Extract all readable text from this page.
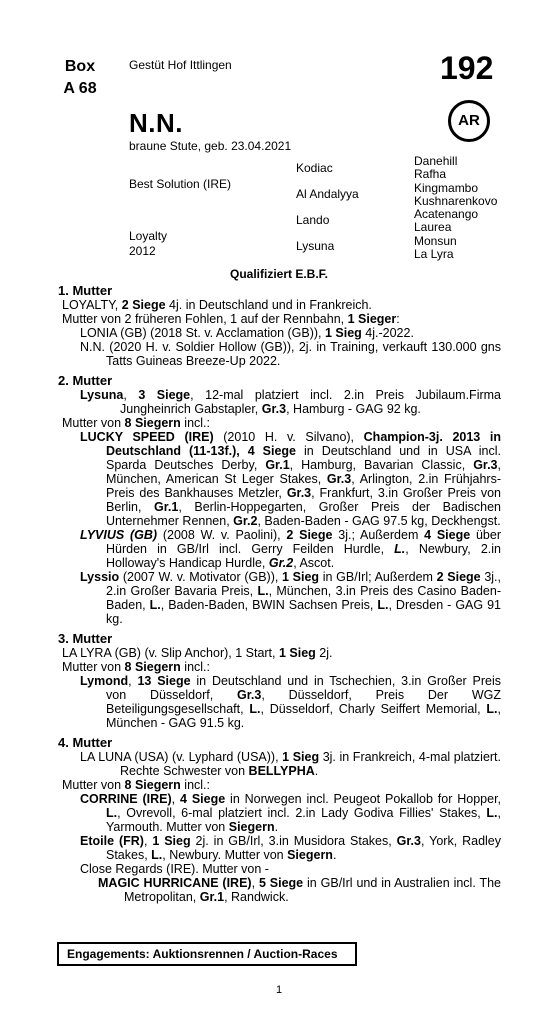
Box
A 68
Gestüt Hof Ittlingen	192
AR
N.N.
braune Stute, geb. 23.04.2021
Best Solution (IRE)
Loyalty
2012
Kodiac
Al Andalyya
Lando
Lysuna
Danehill
Rafha
Kingmambo
Kushnarenkovo
Acatenango
Laurea
Monsun
La Lyra
Qualifiziert E.B.F.
1. Mutter
LOYALTY, 2 Siege 4j. in Deutschland und in Frankreich.
Mutter von 2 früheren Fohlen, 1 auf der Rennbahn, 1 Sieger:
LONIA (GB) (2018 St. v. Acclamation (GB)), 1 Sieg 4j.-2022.
N.N. (2020 H. v. Soldier Hollow (GB)), 2j. in Training, verkauft 130.000 gns Tatts Guineas Breeze-Up 2022.
2. Mutter
Lysuna, 3 Siege, 12-mal platziert incl. 2.in Preis Jubilaum.Firma Jungheinrich Gabstapler, Gr.3, Hamburg - GAG 92 kg.
Mutter von 8 Siegern incl.:
LUCKY SPEED (IRE) (2010 H. v. Silvano), Champion-3j. 2013 in Deutschland (11-13f.), 4 Siege in Deutschland und in USA incl. Sparda Deutsches Derby, Gr.1, Hamburg, Bavarian Classic, Gr.3, München, American St Leger Stakes, Gr.3, Arlington, 2.in Frühjahrs-Preis des Bankhauses Metzler, Gr.3, Frankfurt, 3.in Großer Preis von Berlin, Gr.1, Berlin-Hoppegarten, Großer Preis der Badischen Unternehmer Rennen, Gr.2, Baden-Baden - GAG 97.5 kg, Deckhengst.
LYVIUS (GB) (2008 W. v. Paolini), 2 Siege 3j.; Außerdem 4 Siege über Hürden in GB/Irl incl. Gerry Feilden Hurdle, L., Newbury, 2.in Holloway's Handicap Hurdle, Gr.2, Ascot.
Lyssio (2007 W. v. Motivator (GB)), 1 Sieg in GB/Irl; Außerdem 2 Siege 3j., 2.in Großer Bavaria Preis, L., München, 3.in Preis des Casino Baden-Baden, L., Baden-Baden, BWIN Sachsen Preis, L., Dresden - GAG 91 kg.
3. Mutter
LA LYRA (GB) (v. Slip Anchor), 1 Start, 1 Sieg 2j.
Mutter von 8 Siegern incl.:
Lymond, 13 Siege in Deutschland und in Tschechien, 3.in Großer Preis von Düsseldorf, Gr.3, Düsseldorf, Preis Der WGZ Beteiligungsgesellschaft, L., Düsseldorf, Charly Seiffert Memorial, L., München - GAG 91.5 kg.
4. Mutter
LA LUNA (USA) (v. Lyphard (USA)), 1 Sieg 3j. in Frankreich, 4-mal platziert. Rechte Schwester von BELLYPHA.
Mutter von 8 Siegern incl.:
CORRINE (IRE), 4 Siege in Norwegen incl. Peugeot Pokallob for Hopper, L., Ovrevoll, 6-mal platziert incl. 2.in Lady Godiva Fillies' Stakes, L., Yarmouth. Mutter von Siegern.
Etoile (FR), 1 Sieg 2j. in GB/Irl, 3.in Musidora Stakes, Gr.3, York, Radley Stakes, L., Newbury. Mutter von Siegern.
Close Regards (IRE). Mutter von -
MAGIC HURRICANE (IRE), 5 Siege in GB/Irl und in Australien incl. The Metropolitan, Gr.1, Randwick.
Engagements: Auktionsrennen / Auction-Races
1
